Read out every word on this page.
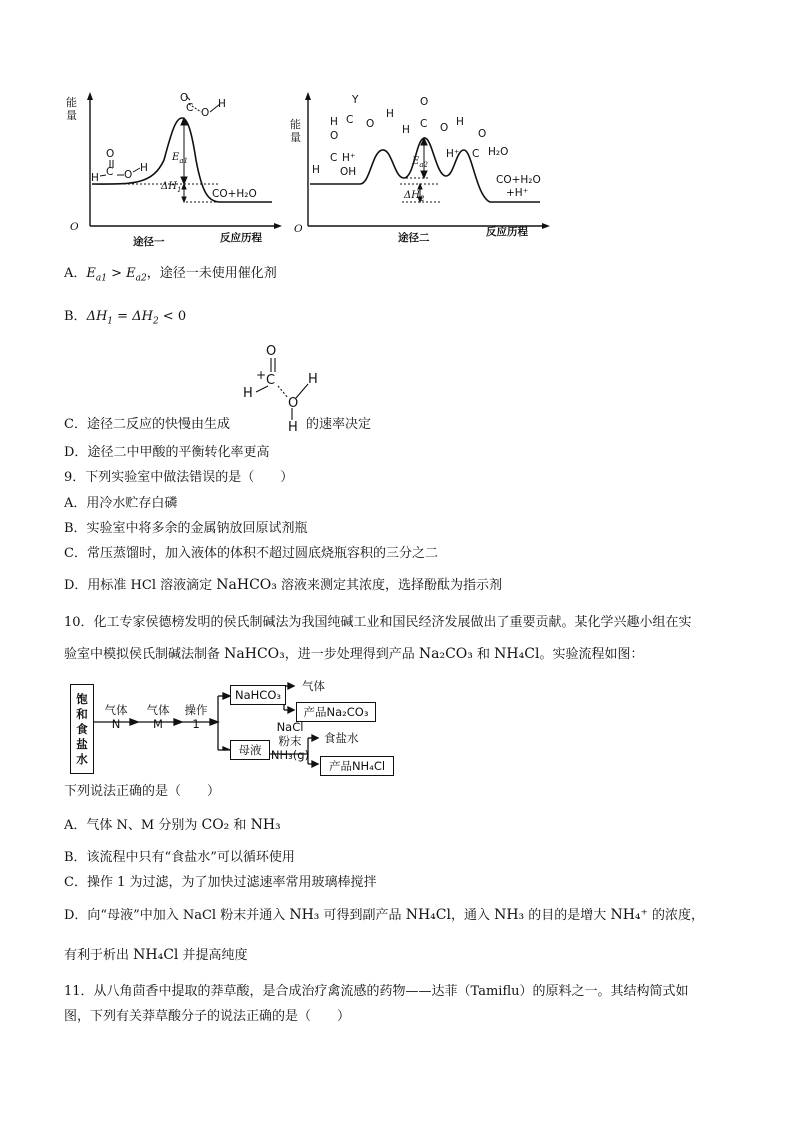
能量
O
反应历程
途径一
O
C
H O
H
O
C O
H
$E_{a1}$
$\Delta H_1$	CO+H₂O
能量
O	反应历程
途径二
O
C H⁺
H OH
Y
C O
H
H
O
C O H
H	O
H⁺ C H₂O
$E_{a2}$
$\Delta H_2$
CO+H₂O
+H⁺
A．$E_{a1} > E_{a2}$，途径一未使用催化剂
B．$\Delta H_1 = \Delta H_2 < 0$
O
+ C
H
H
O
H
C．途径二反应的快慢由生成	的速率决定
D．途径二中甲酸的平衡转化率更高
9．下列实验室中做法错误的是（　　）
A．用冷水贮存白磷
B．实验室中将多余的金属钠放回原试剂瓶
C．常压蒸馏时，加入液体的体积不超过圆底烧瓶容积的三分之二
D．用标准 HCl 溶液滴定 NaHCO₃ 溶液来测定其浓度，选择酚酞为指示剂
10．化工专家侯德榜发明的侯氏制碱法为我国纯碱工业和国民经济发展做出了重要贡献。某化学兴趣小组在实
验室中模拟侯氏制碱法制备 NaHCO₃，进一步处理得到产品 Na₂CO₃ 和 NH₄Cl。实验流程如图：
饱
和
食
盐
水
气体
N
气体
M
操作
1
NaHCO₃
气体
产品Na₂CO₃
母液
NaCl
粉末
NH₃(g)
食盐水
产品NH₄Cl
下列说法正确的是（　　）
A．气体 N、M 分别为 CO₂ 和 NH₃
B．该流程中只有“食盐水”可以循环使用
C．操作 1 为过滤，为了加快过滤速率常用玻璃棒搅拌
D．向“母液”中加入 NaCl 粉末并通入 NH₃ 可得到副产品 NH₄Cl，通入 NH₃ 的目的是增大 NH₄⁺ 的浓度，
有利于析出 NH₄Cl 并提高纯度
11．从八角茴香中提取的莽草酸，是合成治疗禽流感的药物——达菲（Tamiflu）的原料之一。其结构简式如
图，下列有关莽草酸分子的说法正确的是（　　）
